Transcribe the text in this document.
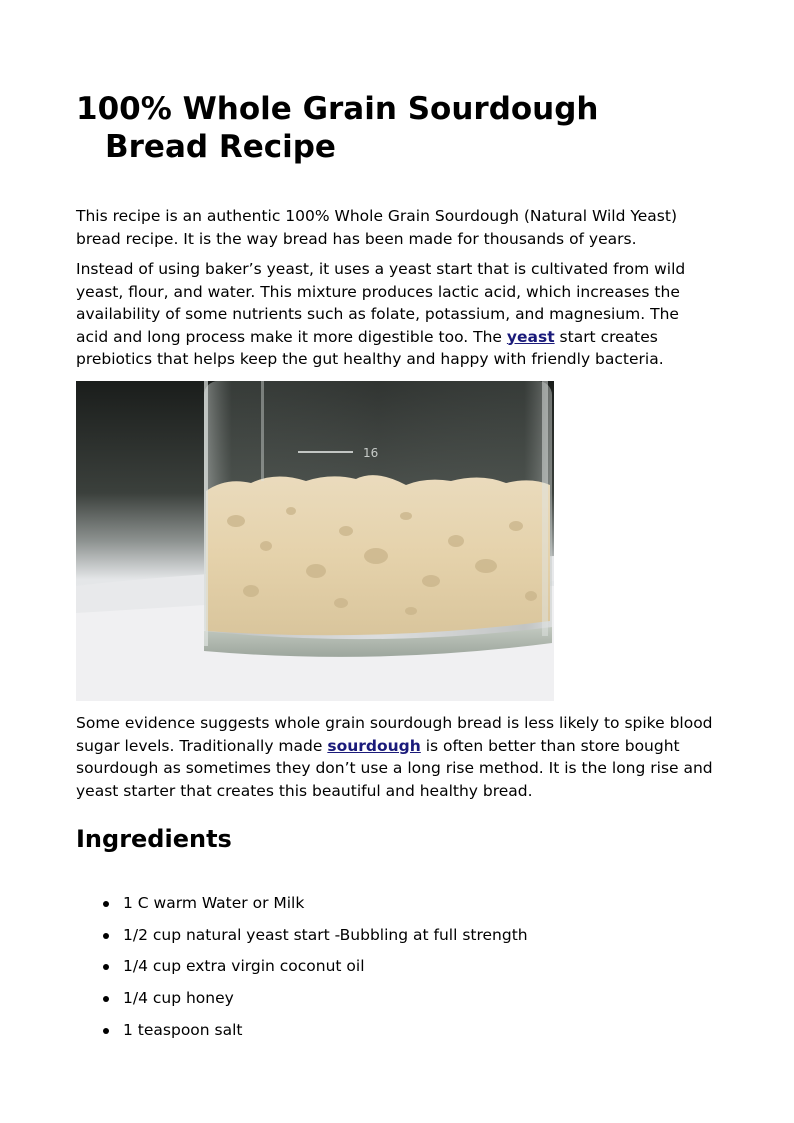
100% Whole Grain Sourdough
Bread Recipe

This recipe is an authentic 100% Whole Grain Sourdough (Natural Wild Yeast) bread recipe. It is the way bread has been made for thousands of years.

Instead of using baker’s yeast, it uses a yeast start that is cultivated from wild yeast, flour, and water. This mixture produces lactic acid, which increases the availability of some nutrients such as folate, potassium, and magnesium. The acid and long process make it more digestible too. The yeast start creates prebiotics that helps keep the gut healthy and happy with friendly bacteria.

16

Some evidence suggests whole grain sourdough bread is less likely to spike blood sugar levels. Traditionally made sourdough is often better than store bought sourdough as sometimes they don’t use a long rise method. It is the long rise and yeast starter that creates this beautiful and healthy bread.

Ingredients
1 C warm Water or Milk
1/2 cup natural yeast start -Bubbling at full strength
1/4 cup extra virgin coconut oil
1/4 cup honey
1 teaspoon salt
